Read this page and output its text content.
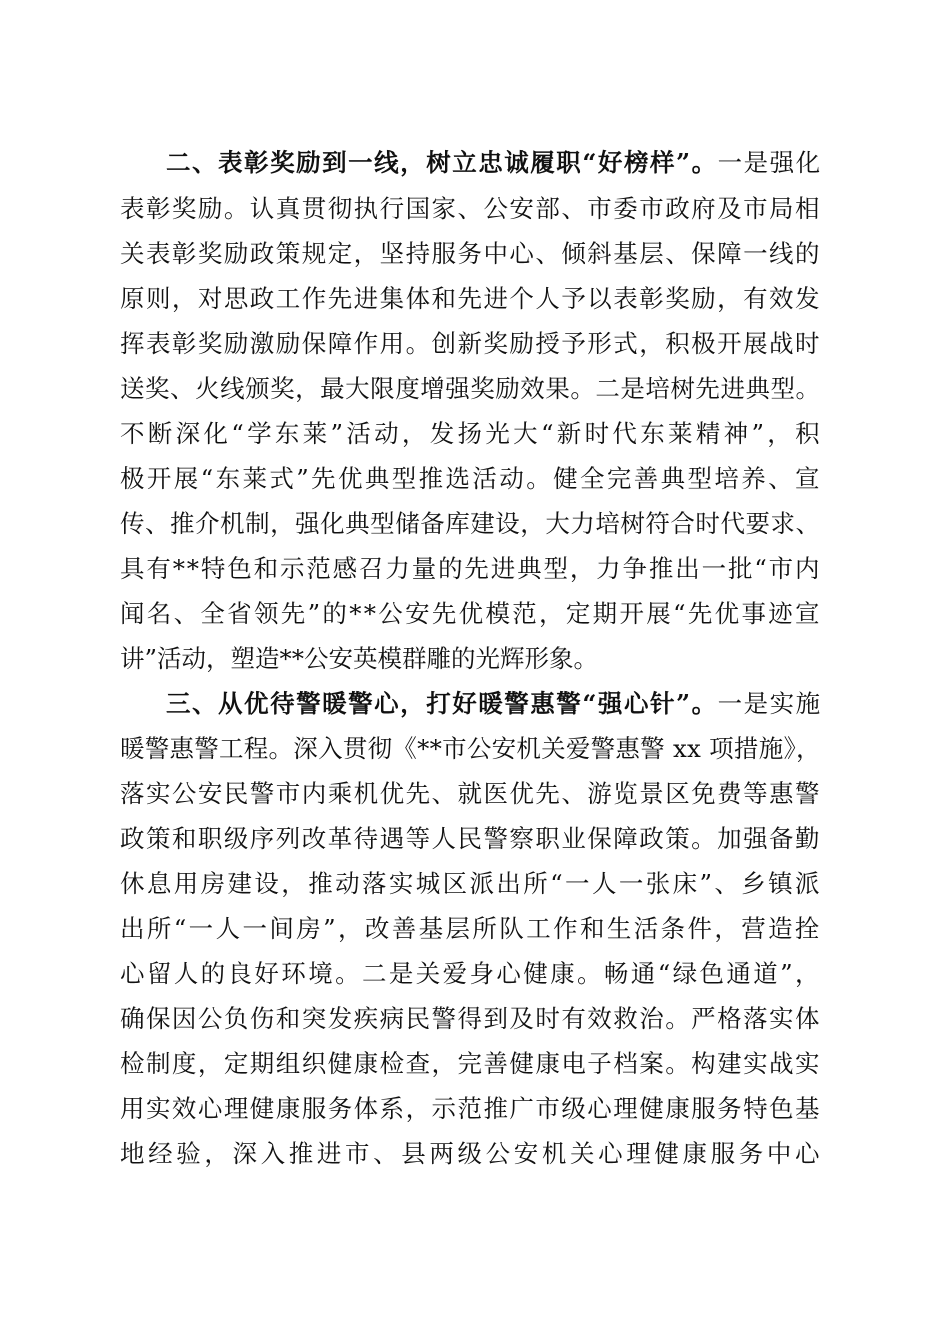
二、表彰奖励到一线，树立忠诚履职“好榜样”。一是强化
表彰奖励。认真贯彻执行国家、公安部、市委市政府及市局相
关表彰奖励政策规定，坚持服务中心、倾斜基层、保障一线的
原则，对思政工作先进集体和先进个人予以表彰奖励，有效发
挥表彰奖励激励保障作用。创新奖励授予形式，积极开展战时
送奖、火线颁奖，最大限度增强奖励效果。二是培树先进典型。
不断深化“学东莱”活动，发扬光大“新时代东莱精神”，积
极开展“东莱式”先优典型推选活动。健全完善典型培养、宣
传、推介机制，强化典型储备库建设，大力培树符合时代要求、
具有**特色和示范感召力量的先进典型，力争推出一批“市内
闻名、全省领先”的**公安先优模范，定期开展“先优事迹宣
讲”活动，塑造**公安英模群雕的光辉形象。
三、从优待警暖警心，打好暖警惠警“强心针”。一是实施
暖警惠警工程。深入贯彻《**市公安机关爱警惠警 xx 项措施》，
落实公安民警市内乘机优先、就医优先、游览景区免费等惠警
政策和职级序列改革待遇等人民警察职业保障政策。加强备勤
休息用房建设，推动落实城区派出所“一人一张床”、乡镇派
出所“一人一间房”，改善基层所队工作和生活条件，营造拴
心留人的良好环境。二是关爱身心健康。畅通“绿色通道”，
确保因公负伤和突发疾病民警得到及时有效救治。严格落实体
检制度，定期组织健康检查，完善健康电子档案。构建实战实
用实效心理健康服务体系，示范推广市级心理健康服务特色基
地经验，深入推进市、县两级公安机关心理健康服务中心
